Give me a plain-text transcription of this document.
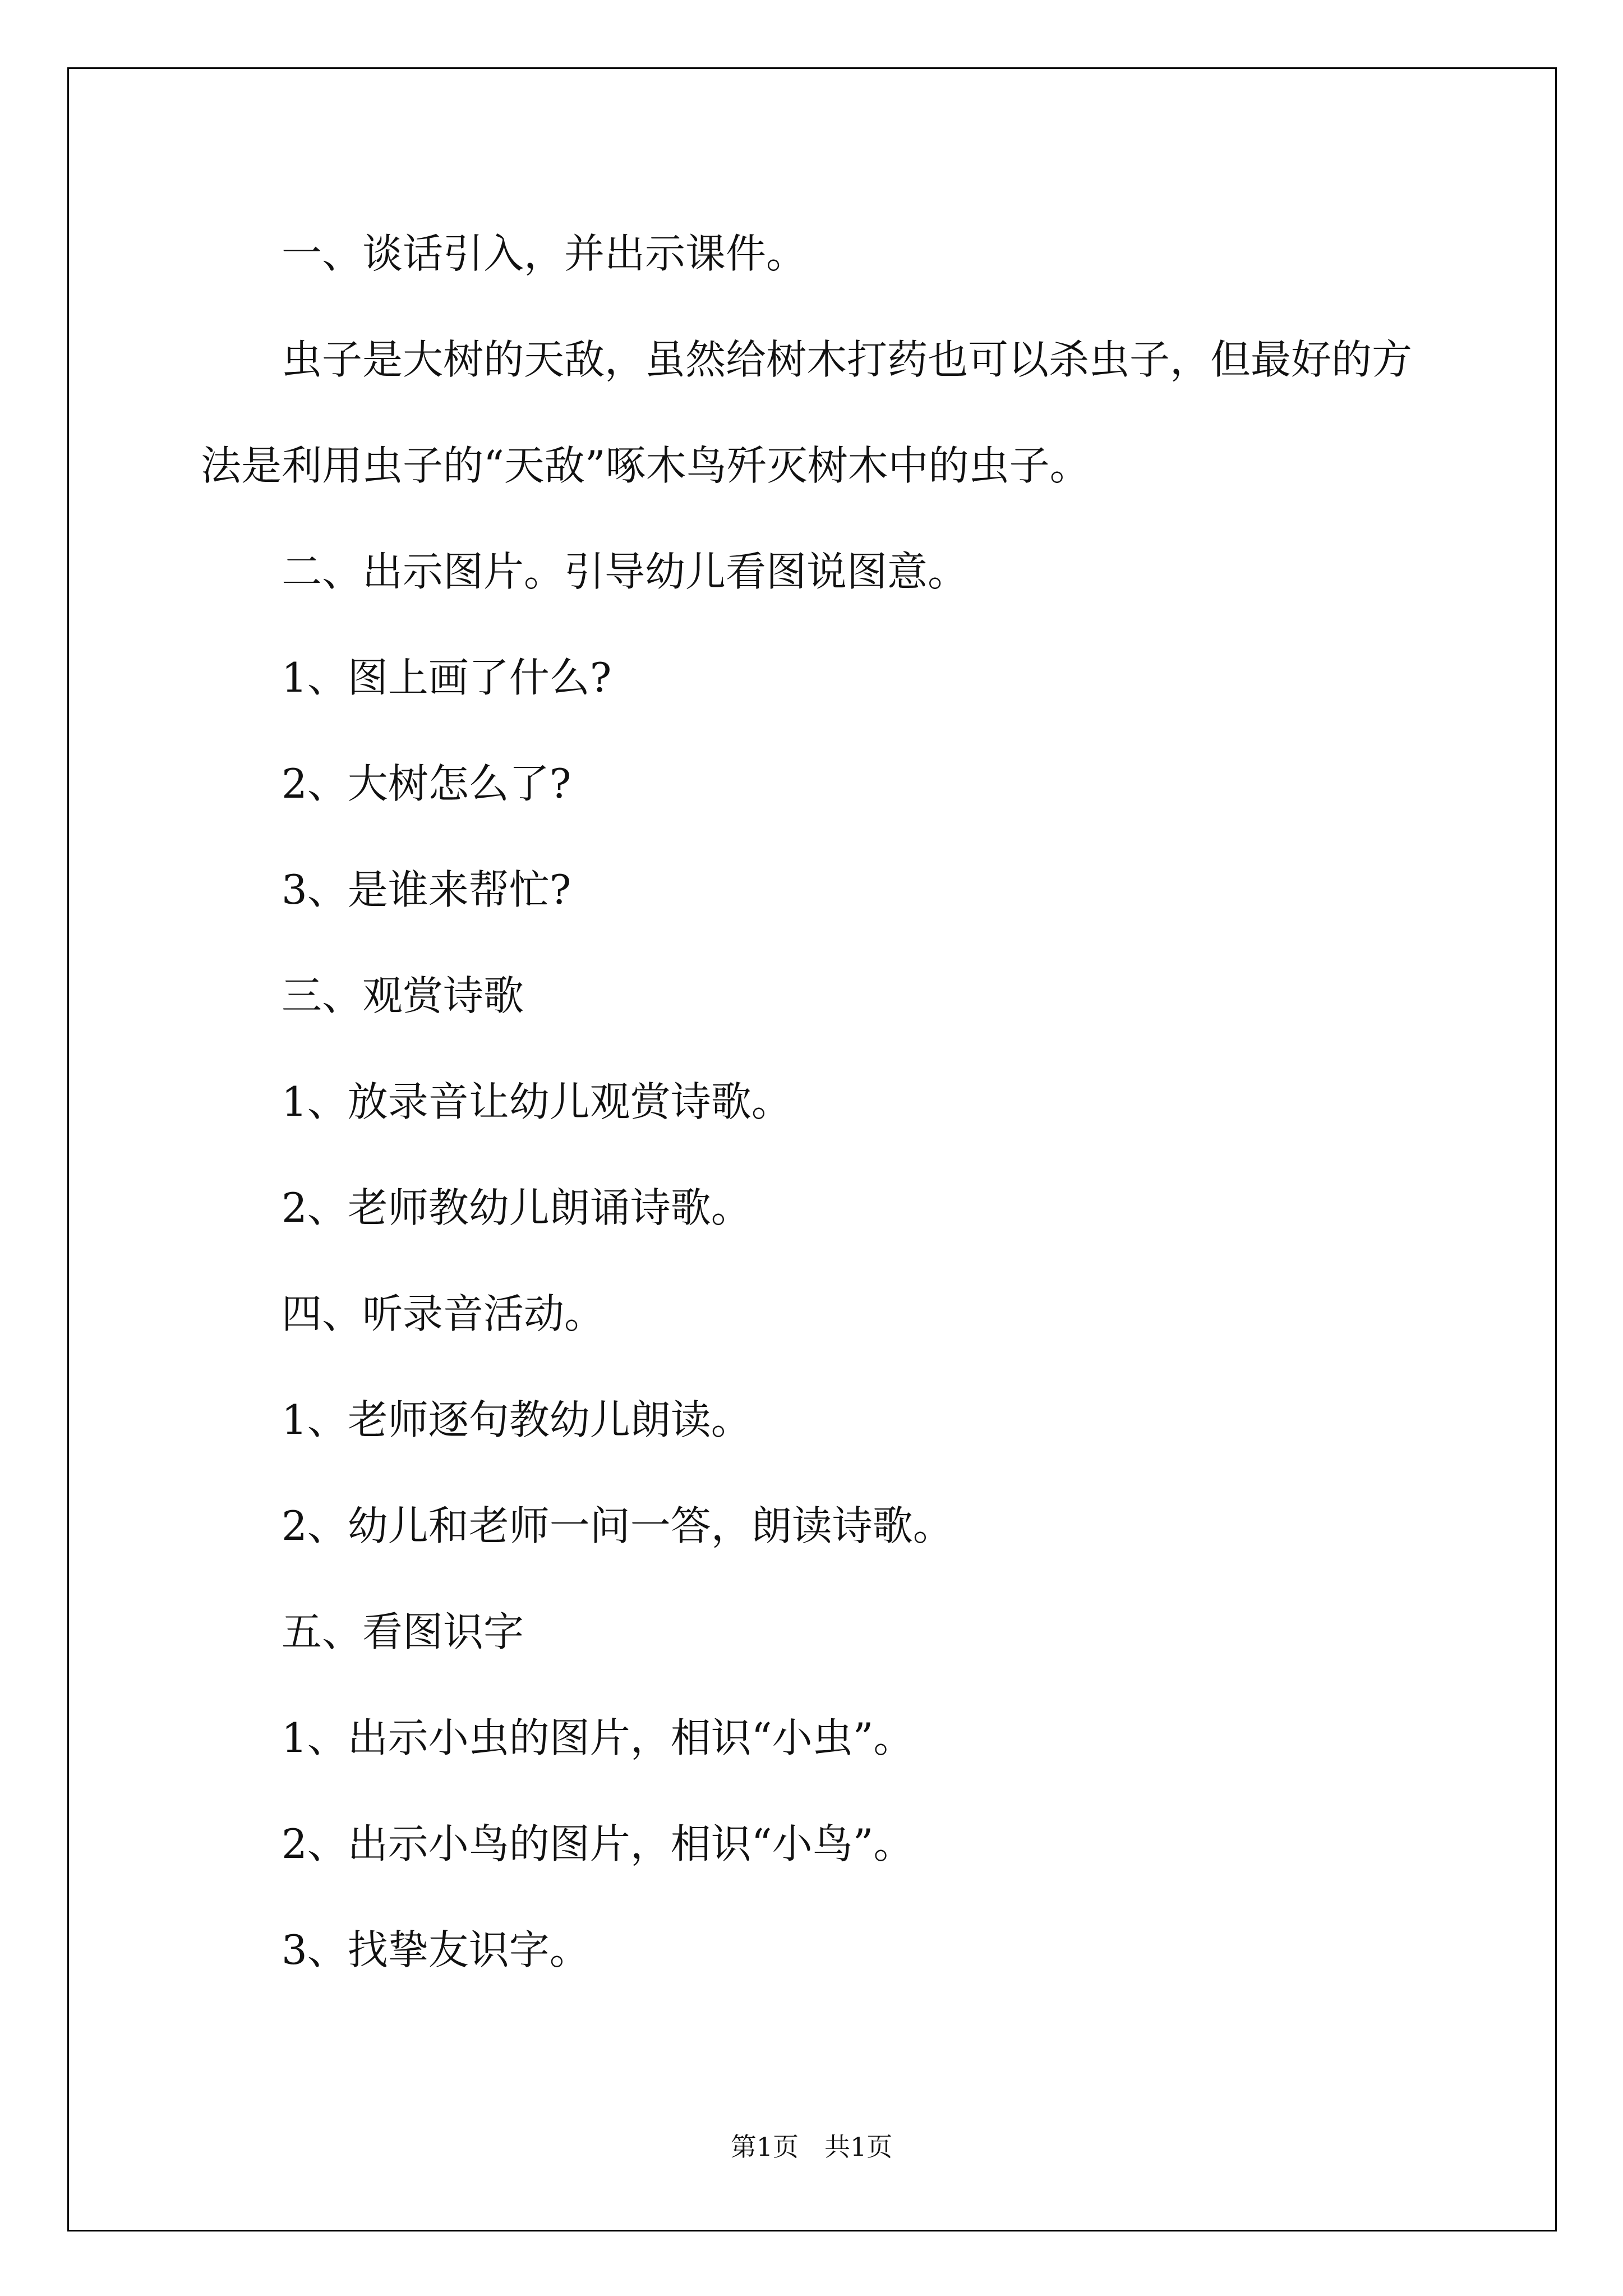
一、谈话引入，并出示课件。

虫子是大树的天敌，虽然给树木打药也可以杀虫子，但最好的方法是利用虫子的“天敌”啄木鸟歼灭树木中的虫子。

二、出示图片。引导幼儿看图说图意。

1、图上画了什么?

2、大树怎么了?

3、是谁来帮忙?

三、观赏诗歌

1、放录音让幼儿观赏诗歌。

2、老师教幼儿朗诵诗歌。

四、听录音活动。

1、老师逐句教幼儿朗读。

2、幼儿和老师一问一答，朗读诗歌。

五、看图识字

1、出示小虫的图片，相识“小虫”。

2、出示小鸟的图片，相识“小鸟”。

3、找挚友识字。

第1页 共1页
